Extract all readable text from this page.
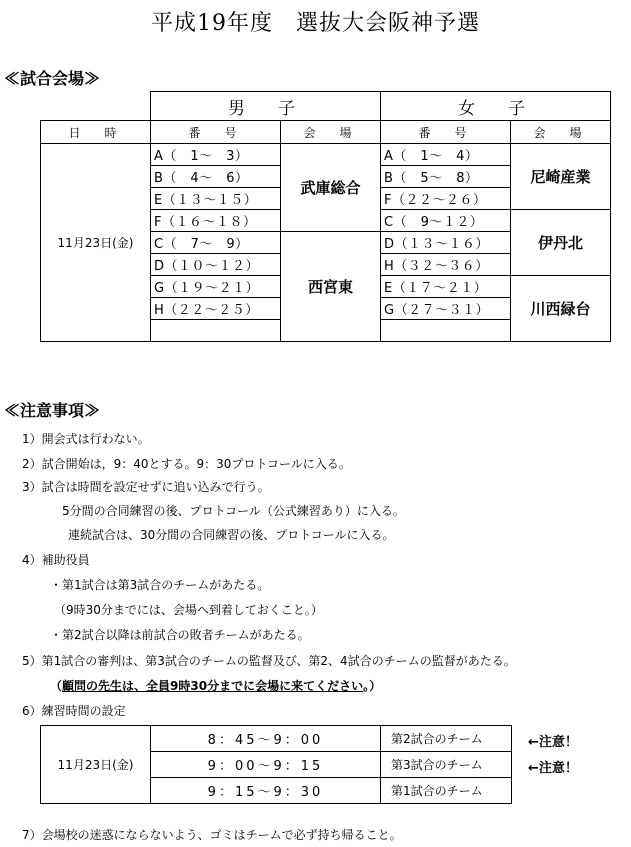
平成19年度　選抜大会阪神予選
≪試合会場≫
	男　子		女　子	
日　時	番　号	会　場	番　号	会　場
11月23日(金)	A（　1～　3）	武庫総合	A（　1～　4）	尼崎産業
	B（　4～　6）		B（　5～　8）	
	E（１３～１５）		F（２２～２６）	
	F（１６～１８）		C（　9～１２）	伊丹北
	C（　7～　9）	西宮東	D（１３～１６）	
	D（１０～１２）		H（３２～３６）	
	G（１９～２１）		E（１７～２１）	川西緑台
	H（２２～２５）		G（２７～３１）	

≪注意事項≫
1）開会式は行わない。
2）試合開始は，9：40とする。9：30プロトコールに入る。
3）試合は時間を設定せずに追い込みで行う。
5分間の合同練習の後、プロトコール（公式練習あり）に入る。
連続試合は、30分間の合同練習の後、プロトコールに入る。
4）補助役員
・第1試合は第3試合のチームがあたる。
（9時30分までには、会場へ到着しておくこと。）
・第2試合以降は前試合の敗者チームがあたる。
5）第1試合の審判は、第3試合のチームの監督及び、第2、4試合のチームの監督があたる。
（顧問の先生は、全員9時30分までに会場に来てください。）
6）練習時間の設定
11月23日(金)	8：45～9：00	第2試合のチーム
	9：00～9：15	第3試合のチーム
	9：15～9：30	第1試合のチーム
←注意！
←注意！
7）会場校の迷惑にならないよう、ゴミはチームで必ず持ち帰ること。
